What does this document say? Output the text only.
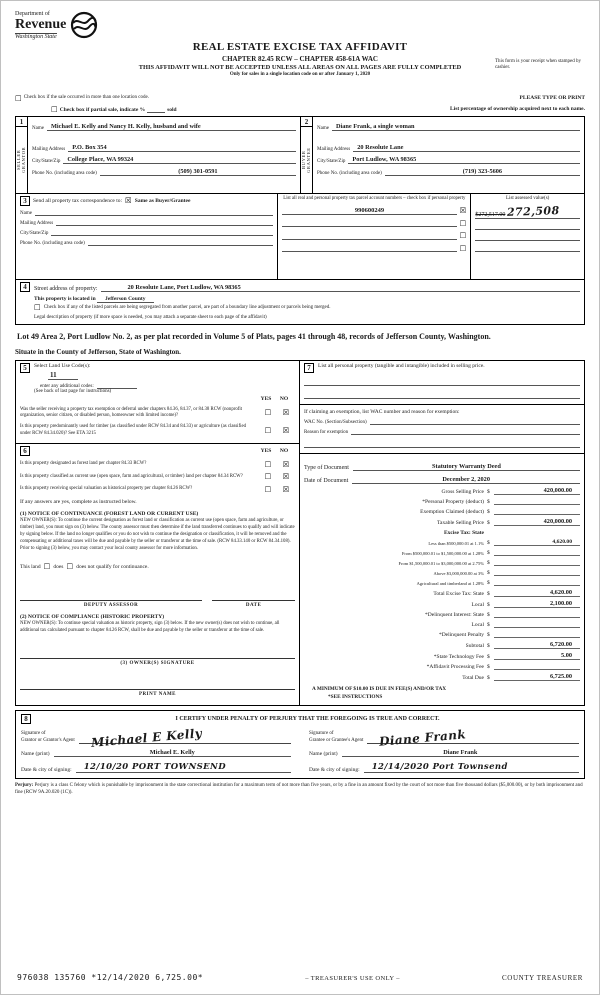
Department of
Revenue
Washington State
REAL ESTATE EXCISE TAX AFFIDAVIT
CHAPTER 82.45 RCW – CHAPTER 458-61A WAC
THIS AFFIDAVIT WILL NOT BE ACCEPTED UNLESS ALL AREAS ON ALL PAGES ARE FULLY COMPLETED
Only for sales in a single location code on or after January 1, 2020
This form is your receipt when stamped by cashier.
☐ Check box if the sale occurred in more than one location code.
☐ Check box if partial sale, indicate %	sold
PLEASE TYPE OR PRINT
List percentage of ownership acquired next to each name.
1
SELLER GRANTOR
Name	Michael E. Kelly and Nancy H. Kelly, husband and wife
Mailing Address	P.O. Box 354
City/State/Zip	College Place, WA 99324
Phone No. (including area code)	(509) 301-0591
2
BUYER GRANTEE
Name	Diane Frank, a single woman
Mailing Address	20 Resolute Lane
City/State/Zip	Port Ludlow, WA 98365
Phone No. (including area code)	(719) 323-5606
3	Send all property tax correspondence to: ☒ Same as Buyer/Grantee
Name
Mailing Address
City/State/Zip
Phone No. (including area code)
List all real and personal property tax parcel account numbers – check box if personal property
990600249	☒
☐
☐
☐
List assessed value(s)
$272,517.00 272,508
4	Street address of property:	20 Resolute Lane, Port Ludlow, WA 98365
This property is located in Jefferson County
☐ Check box if any of the listed parcels are being segregated from another parcel, are part of a boundary line adjustment or parcels being merged.
Legal description of property (if more space is needed, you may attach a separate sheet to each page of the affidavit)
Lot 49 Area 2, Port Ludlow No. 2, as per plat recorded in Volume 5 of Plats, pages 41 through 48, records of Jefferson County, Washington.
Situate in the County of Jefferson, State of Washington.
5	Select Land Use Code(s):
11
enter any additional codes:
(See back of last page for instructions)
YES	NO
Was the seller receiving a property tax exemption or deferral under chapters 84.36, 84.37, or 84.38 RCW (nonprofit organization, senior citizen, or disabled person, homeowner with limited income)?	☐	☒
Is this property predominantly used for timber (as classified under RCW 84.34 and 84.33) or agriculture (as classified under RCW 84.34.020)? See ETA 3215	☐	☒
6	YES	NO
Is this property designated as forest land per chapter 84.33 RCW?	☐	☒
Is this property classified as current use (open space, farm and agricultural, or timber) land per chapter 84.34 RCW?	☐	☒
Is this property receiving special valuation as historical property per chapter 84.26 RCW?	☐	☒
If any answers are yes, complete as instructed below.
(1) NOTICE OF CONTINUANCE (FOREST LAND OR CURRENT USE)
NEW OWNER(S): To continue the current designation as forest land or classification as current use (open space, farm and agriculture, or timber) land, you must sign on (3) below. The county assessor must then determine if the land transferred continues to qualify and will indicate by signing below. If the land no longer qualifies or you do not wish to continue the designation or classification, it will be removed and the compensating or additional taxes will be due and payable by the seller or transferor at the time of sale. (RCW 84.33.140 or RCW 84.34.108). Prior to signing (3) below, you may contact your local county assessor for more information.
This land ☐ does ☐ does not qualify for continuance.
DEPUTY ASSESSOR	DATE
(2) NOTICE OF COMPLIANCE (HISTORIC PROPERTY)
NEW OWNER(S): To continue special valuation as historic property, sign (3) below. If the new owner(s) does not wish to continue, all additional tax calculated pursuant to chapter 84.26 RCW, shall be due and payable by the seller or transferor at the time of sale.
(3) OWNER(S) SIGNATURE
PRINT NAME
7	List all personal property (tangible and intangible) included in selling price.
If claiming an exemption, list WAC number and reason for exemption:
WAC No. (Section/Subsection)
Reason for exemption
Type of Document	Statutory Warranty Deed
Date of Document	December 2, 2020
Gross Selling Price $	420,000.00
*Personal Property (deduct) $
Exemption Claimed (deduct) $
Taxable Selling Price $	420,000.00
Excise Tax: State
Less than $500,000.01 at 1.1% $	4,620.00
From $500,000.01 to $1,500,000.00 at 1.28% $
From $1,500,000.01 to $3,000,000.00 at 2.75% $
Above $3,000,000.00 at 3% $
Agricultural and timberland at 1.28% $
Total Excise Tax: State $	4,620.00
Local $	2,100.00
*Delinquent Interest: State $
Local $
*Delinquent Penalty $
Subtotal $	6,720.00
*State Technology Fee $	5.00
*Affidavit Processing Fee $
Total Due $	6,725.00
A MINIMUM OF $10.00 IS DUE IN FEE(S) AND/OR TAX
*SEE INSTRUCTIONS
8	I CERTIFY UNDER PENALTY OF PERJURY THAT THE FOREGOING IS TRUE AND CORRECT.
Signature of
Grantor or Grantor's Agent Michael E Kelly	Signature of
Grantee or Grantee's Agent Diane Frank
Name (print)	Michael E. Kelly	Name (print)	Diane Frank
Date & city of signing:	12/10/20 PORT TOWNSEND	Date & city of signing:	12/14/2020 Port Townsend
Perjury: Perjury is a class C felony which is punishable by imprisonment in the state correctional institution for a maximum term of not more than five years, or by a fine in an amount fixed by the court of not more than five thousand dollars ($5,000.00), or by both imprisonment and fine (RCW 9A.20.020 (1C)).
976038 135760 *12/14/2020 6,725.00*	– TREASURER'S USE ONLY –	COUNTY TREASURER
